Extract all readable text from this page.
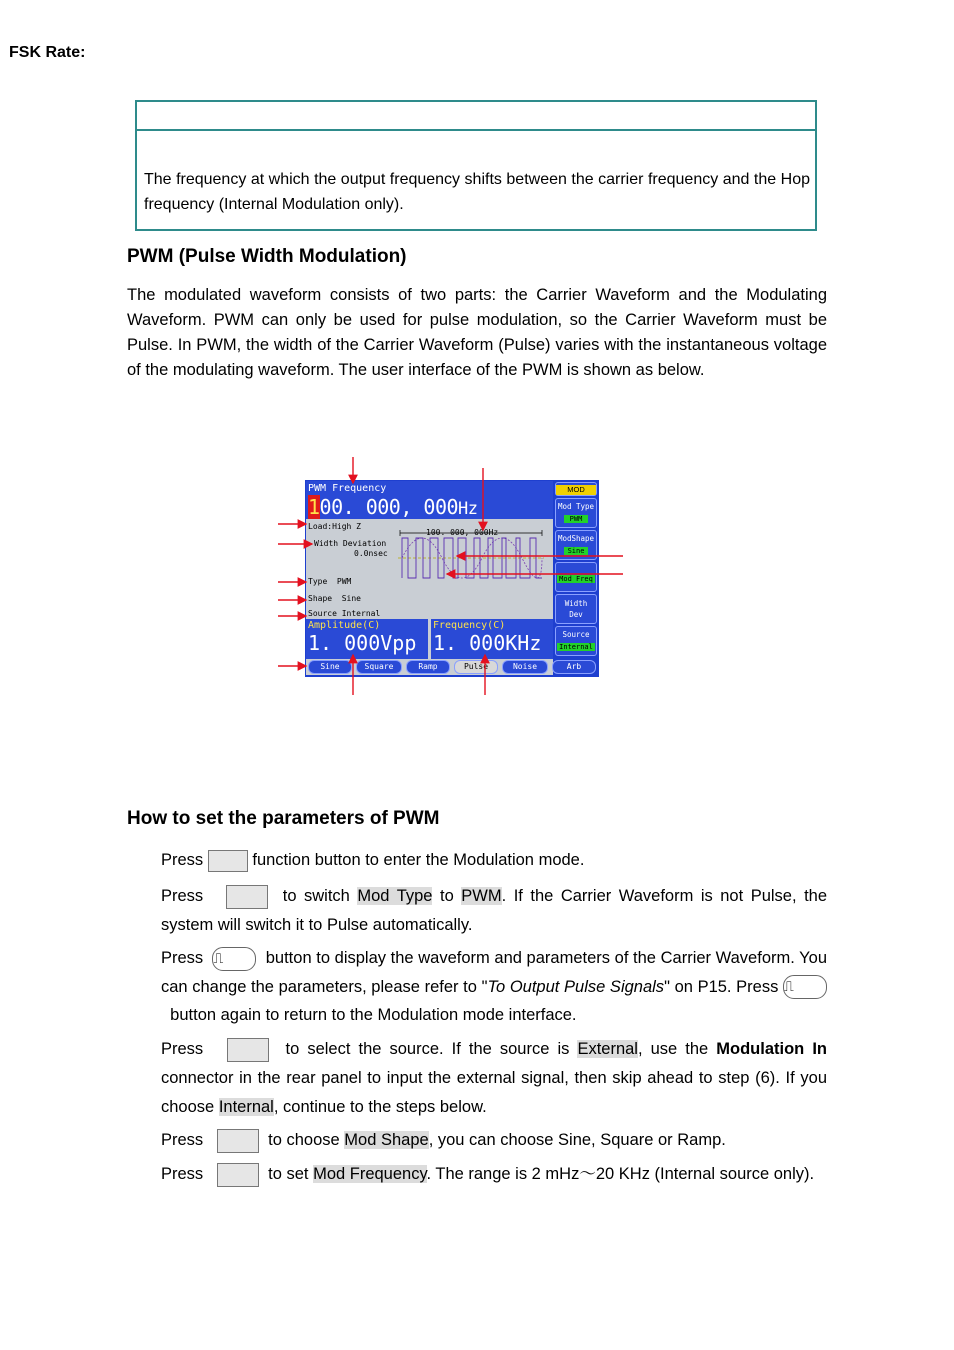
FSK Rate:
The frequency at which the output frequency shifts between the carrier frequency and the Hop frequency (Internal Modulation only).
PWM (Pulse Width Modulation)
The modulated waveform consists of two parts: the Carrier Waveform and the Modulating Waveform. PWM can only be used for pulse modulation, so the Carrier Waveform must be Pulse. In PWM, the width of the Carrier Waveform (Pulse) varies with the instantaneous voltage of the modulating waveform. The user interface of the PWM is shown as below.
PWM Frequency
100. 000, 000Hz
Load:High Z
Width Deviation
0.0nsec
Type PWM
Shape Sine
Source Internal
100. 000, 000Hz
Amplitude(C)
1. 000Vpp
Frequency(C)
1. 000KHz
MOD
Mod Type
PWM
ModShape
Sine
Mod Freq
Width
Dev
Source
Internal
Sine	Square	Ramp	Pulse	Noise	Arb
How to set the parameters of PWM
Press	function button to enter the Modulation mode.
Press	to switch Mod Type to PWM. If the Carrier Waveform is not Pulse, the system will switch it to Pulse automatically.
Press ⎍	button to display the waveform and parameters of the Carrier Waveform. You can change the parameters, please refer to "To Output Pulse Signals" on P15. Press ⎍  button again to return to the Modulation mode interface.
Press	to select the source. If the source is External, use the Modulation In connector in the rear panel to input the external signal, then skip ahead to step (6). If you choose Internal, continue to the steps below.
Press	to choose Mod Shape, you can choose Sine, Square or Ramp.
Press	to set Mod Frequency. The range is 2 mHz～20 KHz (Internal source only).
